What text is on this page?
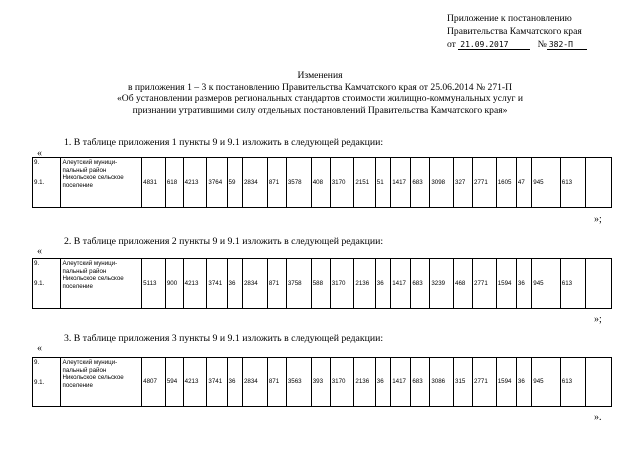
Приложение к постановлению
Правительства Камчатского края
от 21.09.2017	№ 382-П
Изменения
в приложения 1 – 3 к постановлению Правительства Камчатского края от 25.06.2014 № 271-П
«Об установлении размеров региональных стандартов стоимости жилищно-коммунальных услуг и
признании утратившими силу отдельных постановлений Правительства Камчатского края»
1. В таблице приложения 1 пункты 9 и 9.1 изложить в следующей редакции:
«
9.
9.1.

Алеутский муници-
пальный район
Никольское сельское
поселение	4831	618	4213	3764	59	2834	871	3578	408	3170	2151	51	1417	683	3098	327	2771	1605	47	945	613	
»;
2. В таблице приложения 2 пункты 9 и 9.1 изложить в следующей редакции:
«
9.
9.1.

Алеутский муници-
пальный район
Никольское сельское
поселение	5113	900	4213	3741	36	2834	871	3758	588	3170	2136	36	1417	683	3239	468	2771	1594	36	945	613	
»;
3. В таблице приложения 3 пункты 9 и 9.1 изложить в следующей редакции:
«
9.
9.1.

Алеутский муници-
пальный район
Никольское сельское
поселение
	4807	594	4213	3741	36	2834	871	3563	393	3170	2136	36	1417	683	3086	315	2771	1594	36	945	613	
».
